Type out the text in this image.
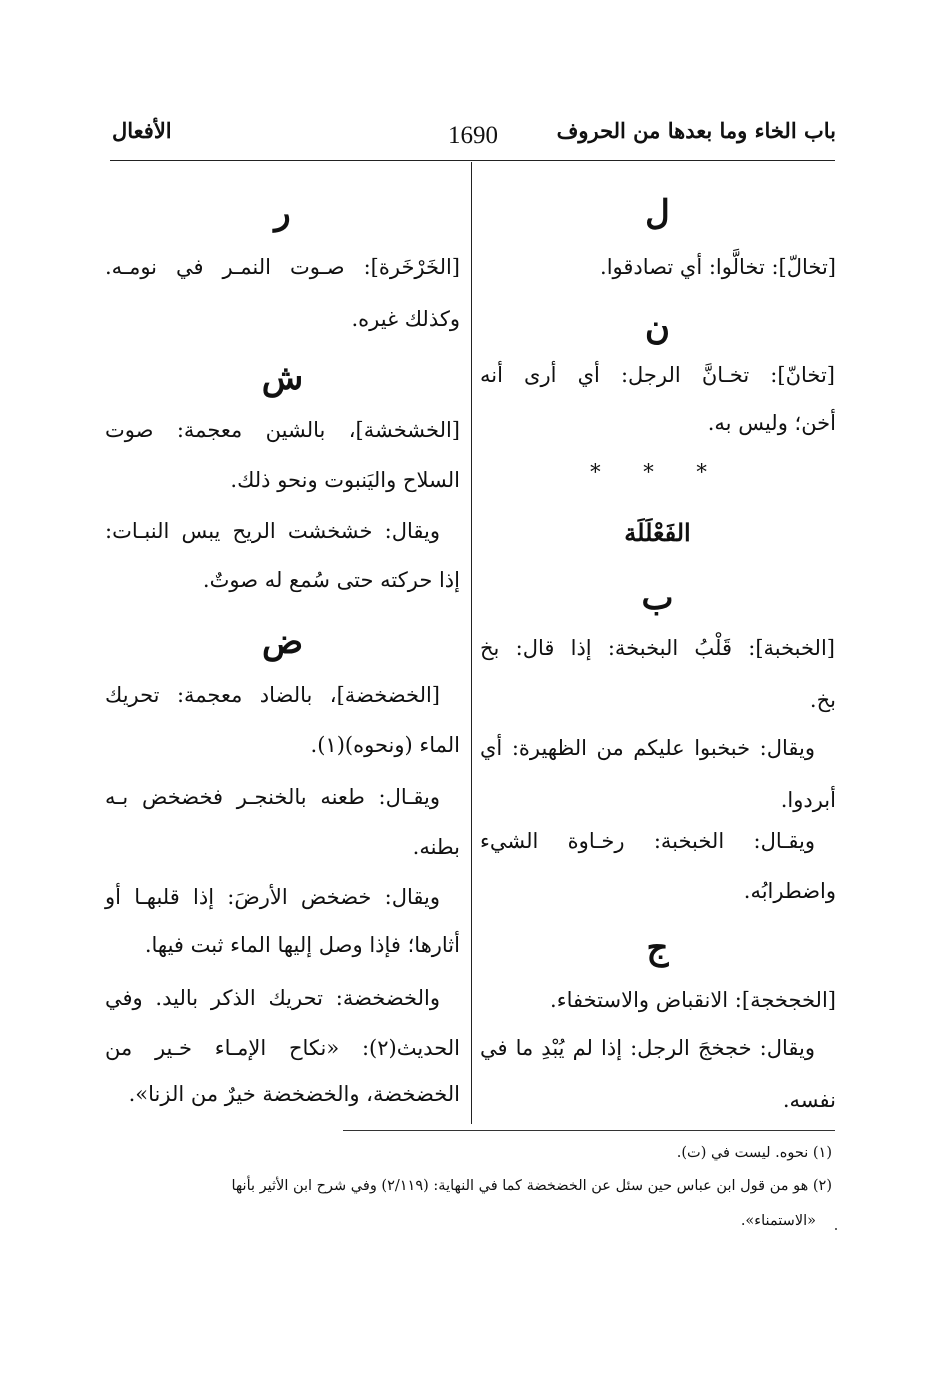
باب الخاء وما بعدها من الحروف
1690
الأفعال
ل
[تخالّ]: تخالَّوا: أي تصادقوا.
ن
[تخانّ]: تخـانَّ الرجل: أي أرى أنه
أخن؛ وليس به.
* * *
الفَعْلَلَة
ب
[الخبخبة]: قَلْبُ البخبخة: إذا قال: بخ
بخ.
ويقال: خبخبوا عليكم من الظهيرة: أي
أبردوا.
ويقـال: الخبخبة: رخـاوة الشيء
واضطرابُه.
ج
[الخجخجة]: الانقباض والاستخفاء.
ويقال: خجخجَ الرجل: إذا لم يُبْدِ ما في
نفسه.
ر
[الخَرْخَرة]: صـوت النمـر في نومـه.
وكذلك غيره.
ش
[الخشخشة]، بالشين معجمة: صوت
السلاح واليَنبوت ونحو ذلك.
ويقال: خشخشت الريح يبس النبـات:
إذا حركته حتى سُمع له صوتٌ.
ض
[الخضخضة]، بالضاد معجمة: تحريك
الماء (ونحوه)(١).
ويقـال: طعنه بالخنجـر فخضخض بـه
بطنه.
ويقال: خضخض الأرضَ: إذا قلبهـا أو
أثارها؛ فإذا وصل إليها الماء ثبت فيها.
والخضخضة: تحريك الذكر باليد. وفي
الحديث(٢): «نكاح الإمـاء خـير من
الخضخضة، والخضخضة خيرٌ من الزنا».
(١) نحوه. ليست في (ت).
(٢) هو من قول ابن عباس حين سئل عن الخضخضة كما في النهاية: (٢/١١٩) وفي شرح ابن الأثير بأنها
«الاستمناء».
